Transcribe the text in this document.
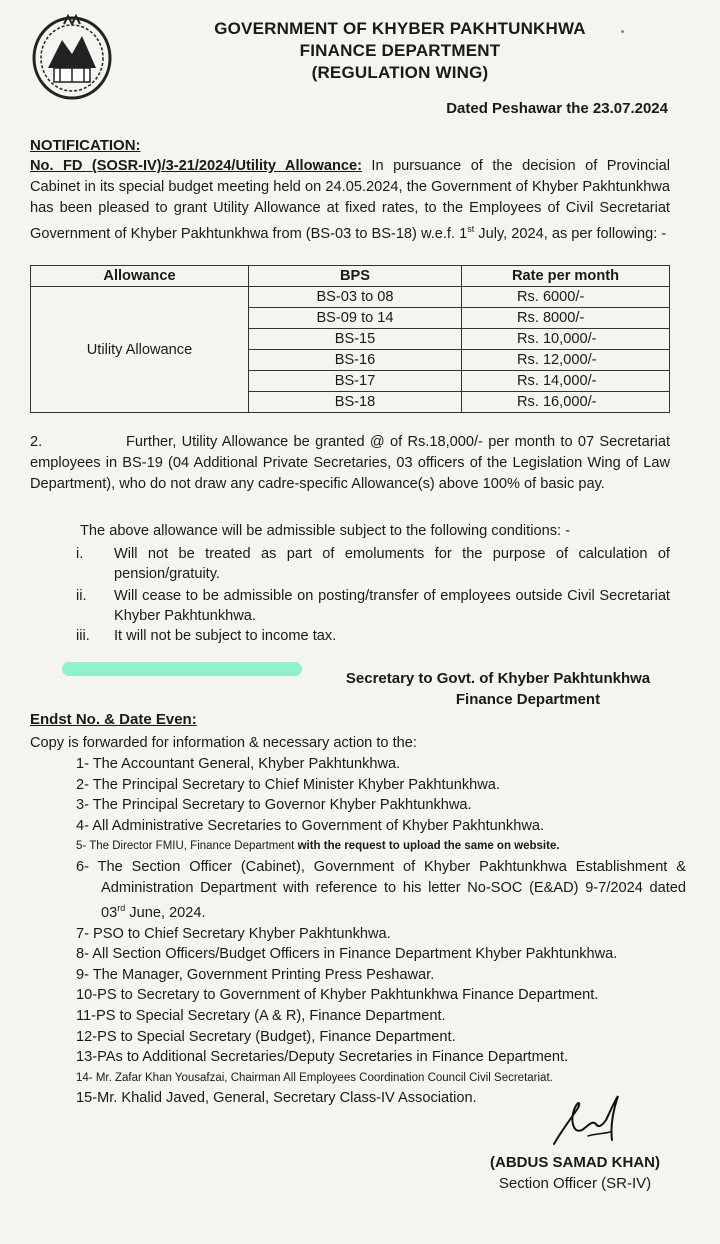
GOVERNMENT OF KHYBER PAKHTUNKHWA
FINANCE DEPARTMENT
(REGULATION WING)
Dated Peshawar the 23.07.2024
NOTIFICATION:
No. FD (SOSR-IV)/3-21/2024/Utility Allowance: In pursuance of the decision of Provincial Cabinet in its special budget meeting held on 24.05.2024, the Government of Khyber Pakhtunkhwa has been pleased to grant Utility Allowance at fixed rates, to the Employees of Civil Secretariat Government of Khyber Pakhtunkhwa from (BS-03 to BS-18) w.e.f. 1st July, 2024, as per following: -
Allowance	BPS	Rate per month
Utility Allowance	BS-03 to 08	Rs. 6000/-
	BS-09 to 14	Rs. 8000/-
	BS-15	Rs. 10,000/-
	BS-16	Rs. 12,000/-
	BS-17	Rs. 14,000/-
	BS-18	Rs. 16,000/-
2.	Further, Utility Allowance be granted @ of Rs.18,000/- per month to 07 Secretariat employees in BS-19 (04 Additional Private Secretaries, 03 officers of the Legislation Wing of Law Department), who do not draw any cadre-specific Allowance(s) above 100% of basic pay.
The above allowance will be admissible subject to the following conditions: -
i.	Will not be treated as part of emoluments for the purpose of calculation of pension/gratuity.
ii.	Will cease to be admissible on posting/transfer of employees outside Civil Secretariat Khyber Pakhtunkhwa.
iii.	It will not be subject to income tax.
Secretary to Govt. of Khyber Pakhtunkhwa
Finance Department
Endst No. & Date Even:
Copy is forwarded for information & necessary action to the:
1- The Accountant General, Khyber Pakhtunkhwa.
2- The Principal Secretary to Chief Minister Khyber Pakhtunkhwa.
3- The Principal Secretary to Governor Khyber Pakhtunkhwa.
4- All Administrative Secretaries to Government of Khyber Pakhtunkhwa.
5- The Director FMIU, Finance Department with the request to upload the same on website.
6- The Section Officer (Cabinet), Government of Khyber Pakhtunkhwa Establishment & Administration Department with reference to his letter No-SOC (E&AD) 9-7/2024 dated 03rd June, 2024.
7- PSO to Chief Secretary Khyber Pakhtunkhwa.
8- All Section Officers/Budget Officers in Finance Department Khyber Pakhtunkhwa.
9- The Manager, Government Printing Press Peshawar.
10-PS to Secretary to Government of Khyber Pakhtunkhwa Finance Department.
11-PS to Special Secretary (A & R), Finance Department.
12-PS to Special Secretary (Budget), Finance Department.
13-PAs to Additional Secretaries/Deputy Secretaries in Finance Department.
14- Mr. Zafar Khan Yousafzai, Chairman All Employees Coordination Council Civil Secretariat.
15-Mr. Khalid Javed, General, Secretary Class-IV Association.
(ABDUS SAMAD KHAN)
Section Officer (SR-IV)
